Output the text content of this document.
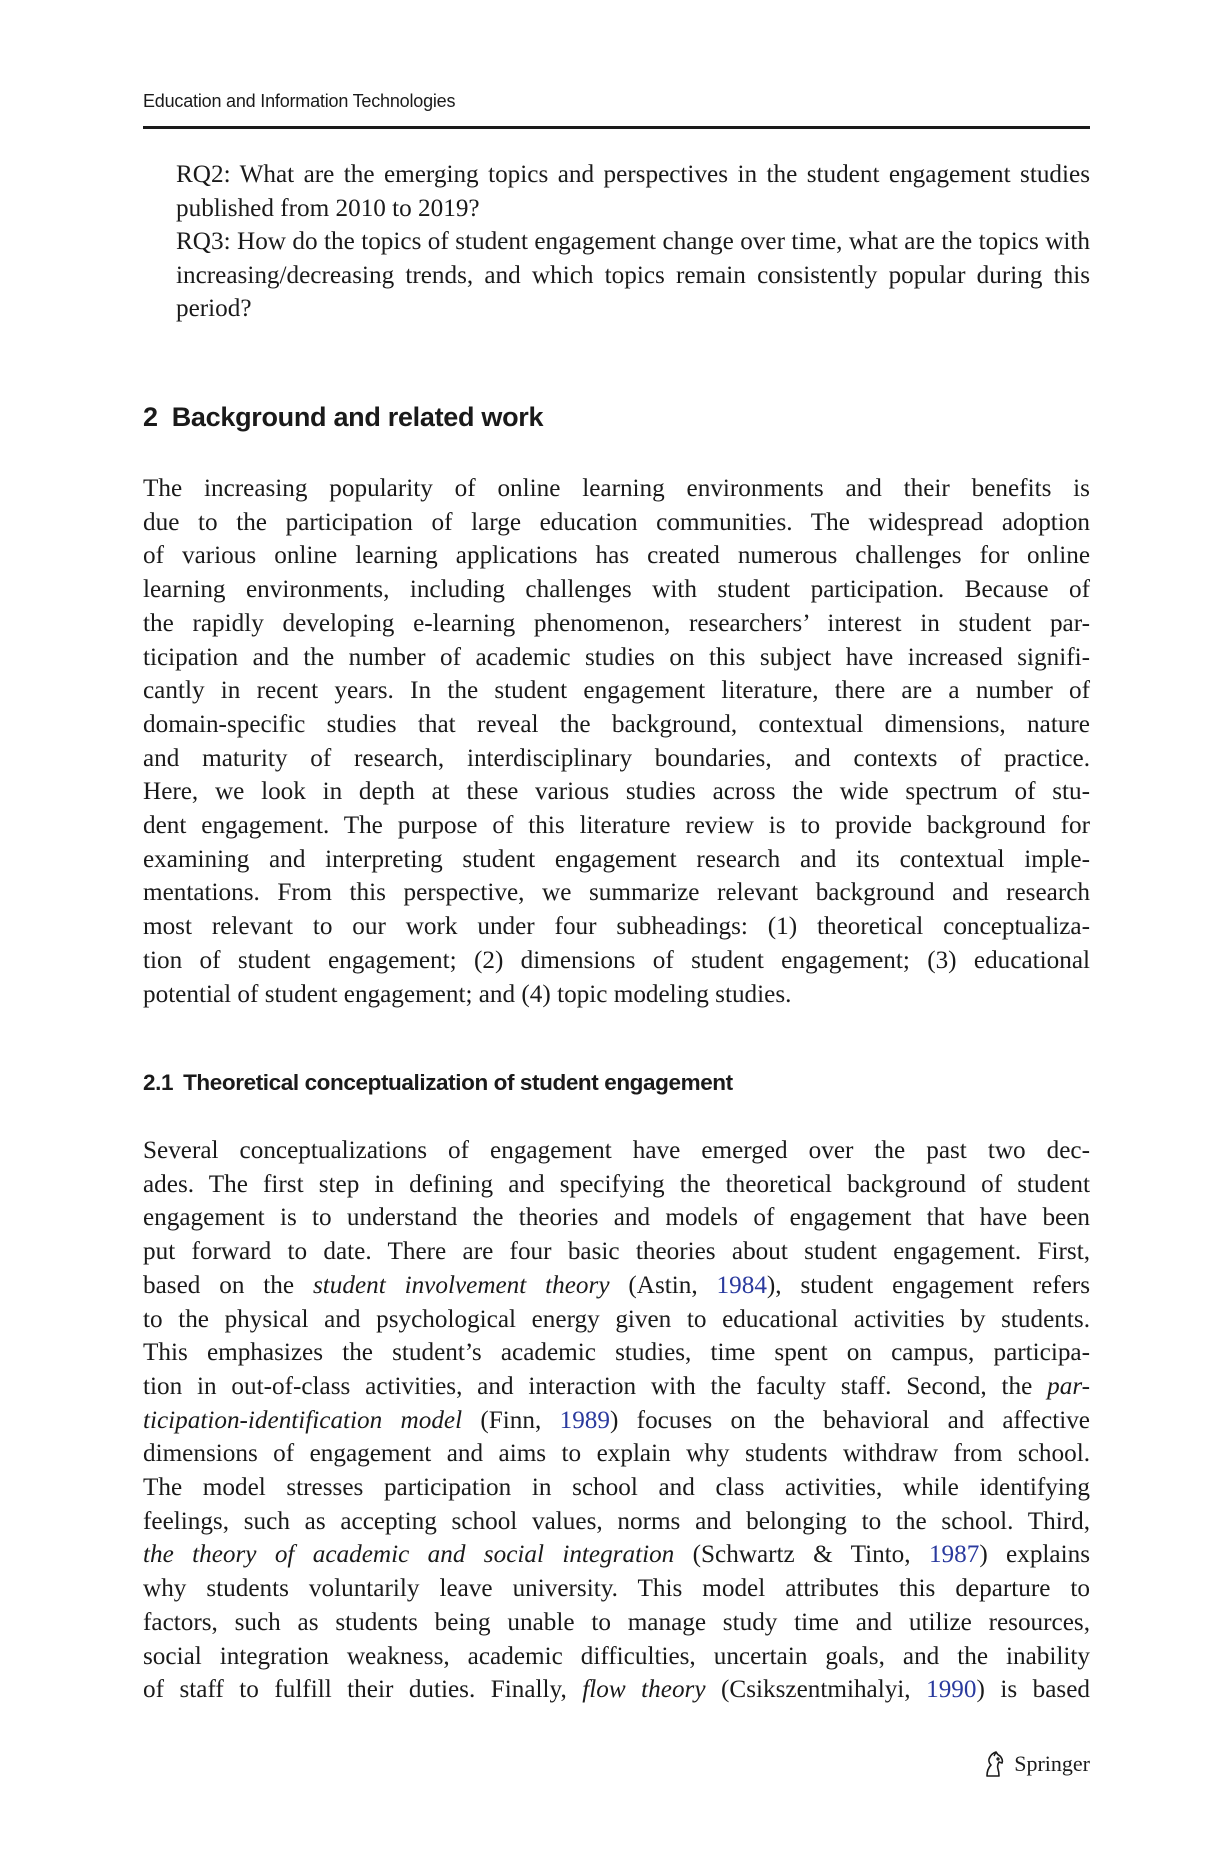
Education and Information Technologies

RQ2: What are the emerging topics and perspectives in the student engagement studies published from 2010 to 2019?

RQ3: How do the topics of student engagement change over time, what are the topics with increasing/decreasing trends, and which topics remain consistently popular during this period?

2 Background and related work
The increasing popularity of online learning environments and their benefits is
due to the participation of large education communities. The widespread adoption
of various online learning applications has created numerous challenges for online
learning environments, including challenges with student participation. Because of
the rapidly developing e-learning phenomenon, researchers’ interest in student par-
ticipation and the number of academic studies on this subject have increased signifi-
cantly in recent years. In the student engagement literature, there are a number of
domain-specific studies that reveal the background, contextual dimensions, nature
and maturity of research, interdisciplinary boundaries, and contexts of practice.
Here, we look in depth at these various studies across the wide spectrum of stu-
dent engagement. The purpose of this literature review is to provide background for
examining and interpreting student engagement research and its contextual imple-
mentations. From this perspective, we summarize relevant background and research
most relevant to our work under four subheadings: (1) theoretical conceptualiza-
tion of student engagement; (2) dimensions of student engagement; (3) educational
potential of student engagement; and (4) topic modeling studies.
2.1 Theoretical conceptualization of student engagement
Several conceptualizations of engagement have emerged over the past two dec-
ades. The first step in defining and specifying the theoretical background of student
engagement is to understand the theories and models of engagement that have been
put forward to date. There are four basic theories about student engagement. First,
based on the student involvement theory (Astin, 1984), student engagement refers
to the physical and psychological energy given to educational activities by students.
This emphasizes the student’s academic studies, time spent on campus, participa-
tion in out-of-class activities, and interaction with the faculty staff. Second, the par-
ticipation-identification model (Finn, 1989) focuses on the behavioral and affective
dimensions of engagement and aims to explain why students withdraw from school.
The model stresses participation in school and class activities, while identifying
feelings, such as accepting school values, norms and belonging to the school. Third,
the theory of academic and social integration (Schwartz & Tinto, 1987) explains
why students voluntarily leave university. This model attributes this departure to
factors, such as students being unable to manage study time and utilize resources,
social integration weakness, academic difficulties, uncertain goals, and the inability
of staff to fulfill their duties. Finally, flow theory (Csikszentmihalyi, 1990) is based
Springer
